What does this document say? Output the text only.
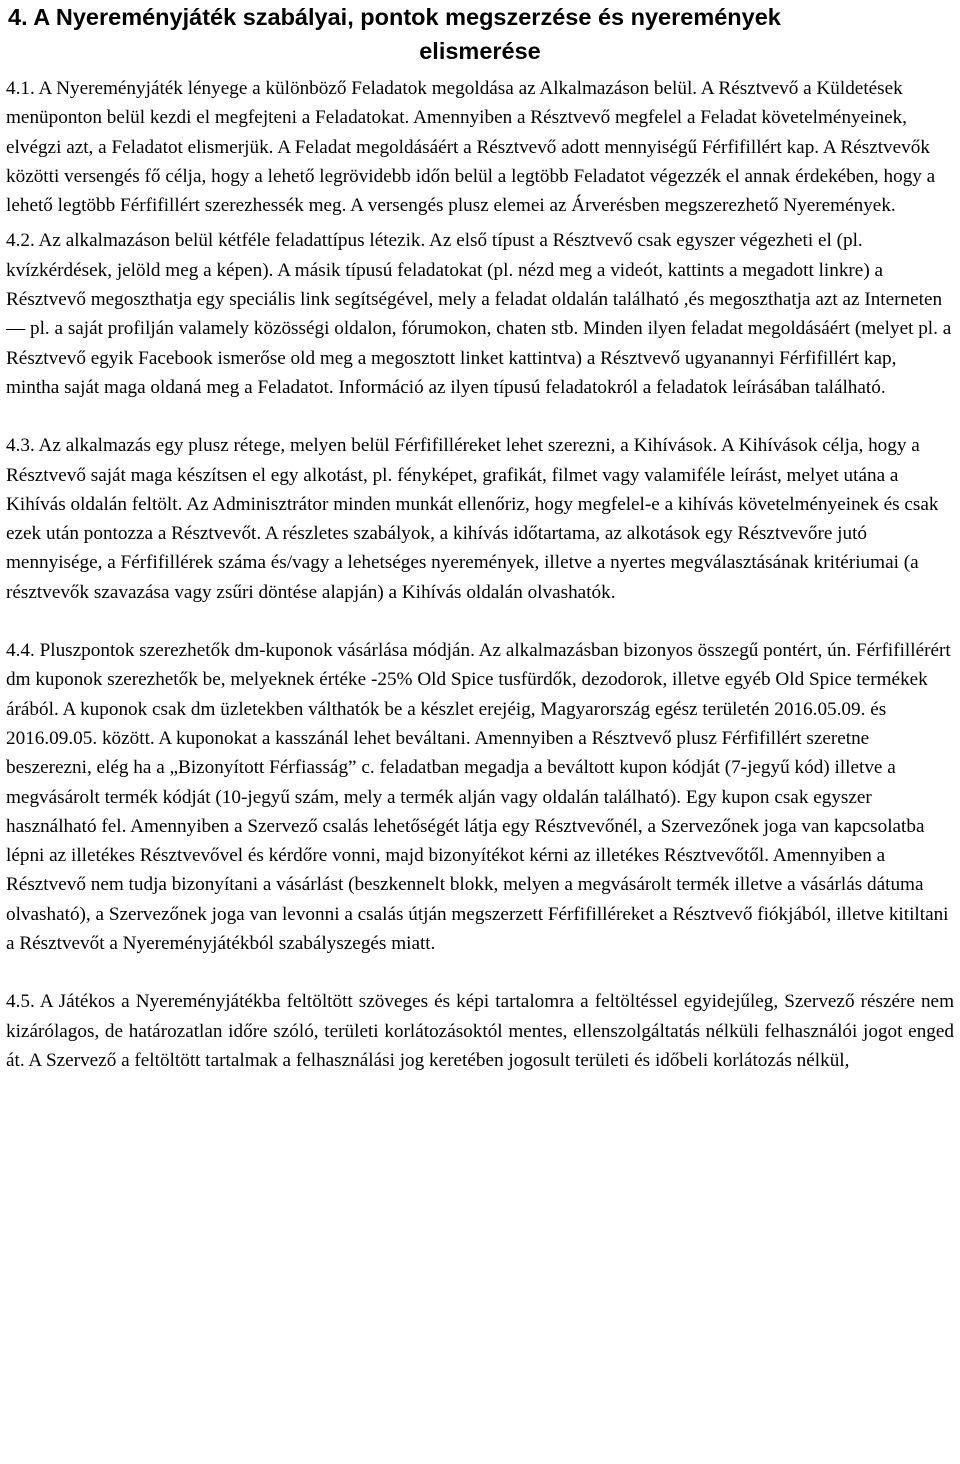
4. A Nyereményjáték szabályai, pontok megszerzése és nyeremények
elismerése

4.1. A Nyereményjáték lényege a különböző Feladatok megoldása az Alkalmazáson belül. A Résztvevő a Küldetések menüponton belül kezdi el megfejteni a Feladatokat. Amennyiben a Résztvevő megfelel a Feladat követelményeinek, elvégzi azt, a Feladatot elismerjük. A Feladat megoldásáért a Résztvevő adott mennyiségű Férfifillért kap. A Résztvevők közötti versengés fő célja, hogy a lehető legrövidebb időn belül a legtöbb Feladatot végezzék el annak érdekében, hogy a lehető legtöbb Férfifillért szerezhessék meg. A versengés plusz elemei az Árverésben megszerezhető Nyeremények.

4.2. Az alkalmazáson belül kétféle feladattípus létezik. Az első típust a Résztvevő csak egyszer végezheti el (pl. kvízkérdések, jelöld meg a képen). A másik típusú feladatokat (pl. nézd meg a videót, kattints a megadott linkre) a Résztvevő megoszthatja egy speciális link segítségével, mely a feladat oldalán található ,és megoszthatja azt az Interneten — pl. a saját profilján valamely közösségi oldalon, fórumokon, chaten stb. Minden ilyen feladat megoldásáért (melyet pl. a Résztvevő egyik Facebook ismerőse old meg a megosztott linket kattintva) a Résztvevő ugyanannyi Férfifillért kap, mintha saját maga oldaná meg a Feladatot. Információ az ilyen típusú feladatokról a feladatok leírásában található.

4.3. Az alkalmazás egy plusz rétege, melyen belül Férfifilléreket lehet szerezni, a Kihívások. A Kihívások célja, hogy a Résztvevő saját maga készítsen el egy alkotást, pl. fényképet, grafikát, filmet vagy valamiféle leírást, melyet utána a Kihívás oldalán feltölt. Az Adminisztrátor minden munkát ellenőriz, hogy megfelel-e a kihívás követelményeinek és csak ezek után pontozza a Résztvevőt. A részletes szabályok, a kihívás időtartama, az alkotások egy Résztvevőre jutó mennyisége, a Férfifillérek száma és/vagy a lehetséges nyeremények, illetve a nyertes megválasztásának kritériumai (a résztvevők szavazása vagy zsűri döntése alapján) a Kihívás oldalán olvashatók.

4.4. Pluszpontok szerezhetők dm-kuponok vásárlása módján. Az alkalmazásban bizonyos összegű pontért, ún. Férfifillérért dm kuponok szerezhetők be, melyeknek értéke -25% Old Spice tusfürdők, dezodorok, illetve egyéb Old Spice termékek árából. A kuponok csak dm üzletekben válthatók be a készlet erejéig, Magyarország egész területén 2016.05.09. és 2016.09.05. között. A kuponokat a kasszánál lehet beváltani. Amennyiben a Résztvevő plusz Férfifillért szeretne beszerezni, elég ha a „Bizonyított Férfiasság” c. feladatban megadja a beváltott kupon kódját (7-jegyű kód) illetve a megvásárolt termék kódját (10-jegyű szám, mely a termék alján vagy oldalán található). Egy kupon csak egyszer használható fel. Amennyiben a Szervező csalás lehetőségét látja egy Résztvevőnél, a Szervezőnek joga van kapcsolatba lépni az illetékes Résztvevővel és kérdőre vonni, majd bizonyítékot kérni az illetékes Résztvevőtől. Amennyiben a Résztvevő nem tudja bizonyítani a vásárlást (beszkennelt blokk, melyen a megvásárolt termék illetve a vásárlás dátuma olvasható), a Szervezőnek joga van levonni a csalás útján megszerzett Férfifilléreket a Résztvevő fiókjából, illetve kitiltani a Résztvevőt a Nyereményjátékból szabályszegés miatt.

4.5. A Játékos a Nyereményjátékba feltöltött szöveges és képi tartalomra a feltöltéssel egyidejűleg, Szervező részére nem kizárólagos, de határozatlan időre szóló, területi korlátozásoktól mentes, ellenszolgáltatás nélküli felhasználói jogot enged át. A Szervező a feltöltött tartalmak a felhasználási jog keretében jogosult területi és időbeli korlátozás nélkül,
